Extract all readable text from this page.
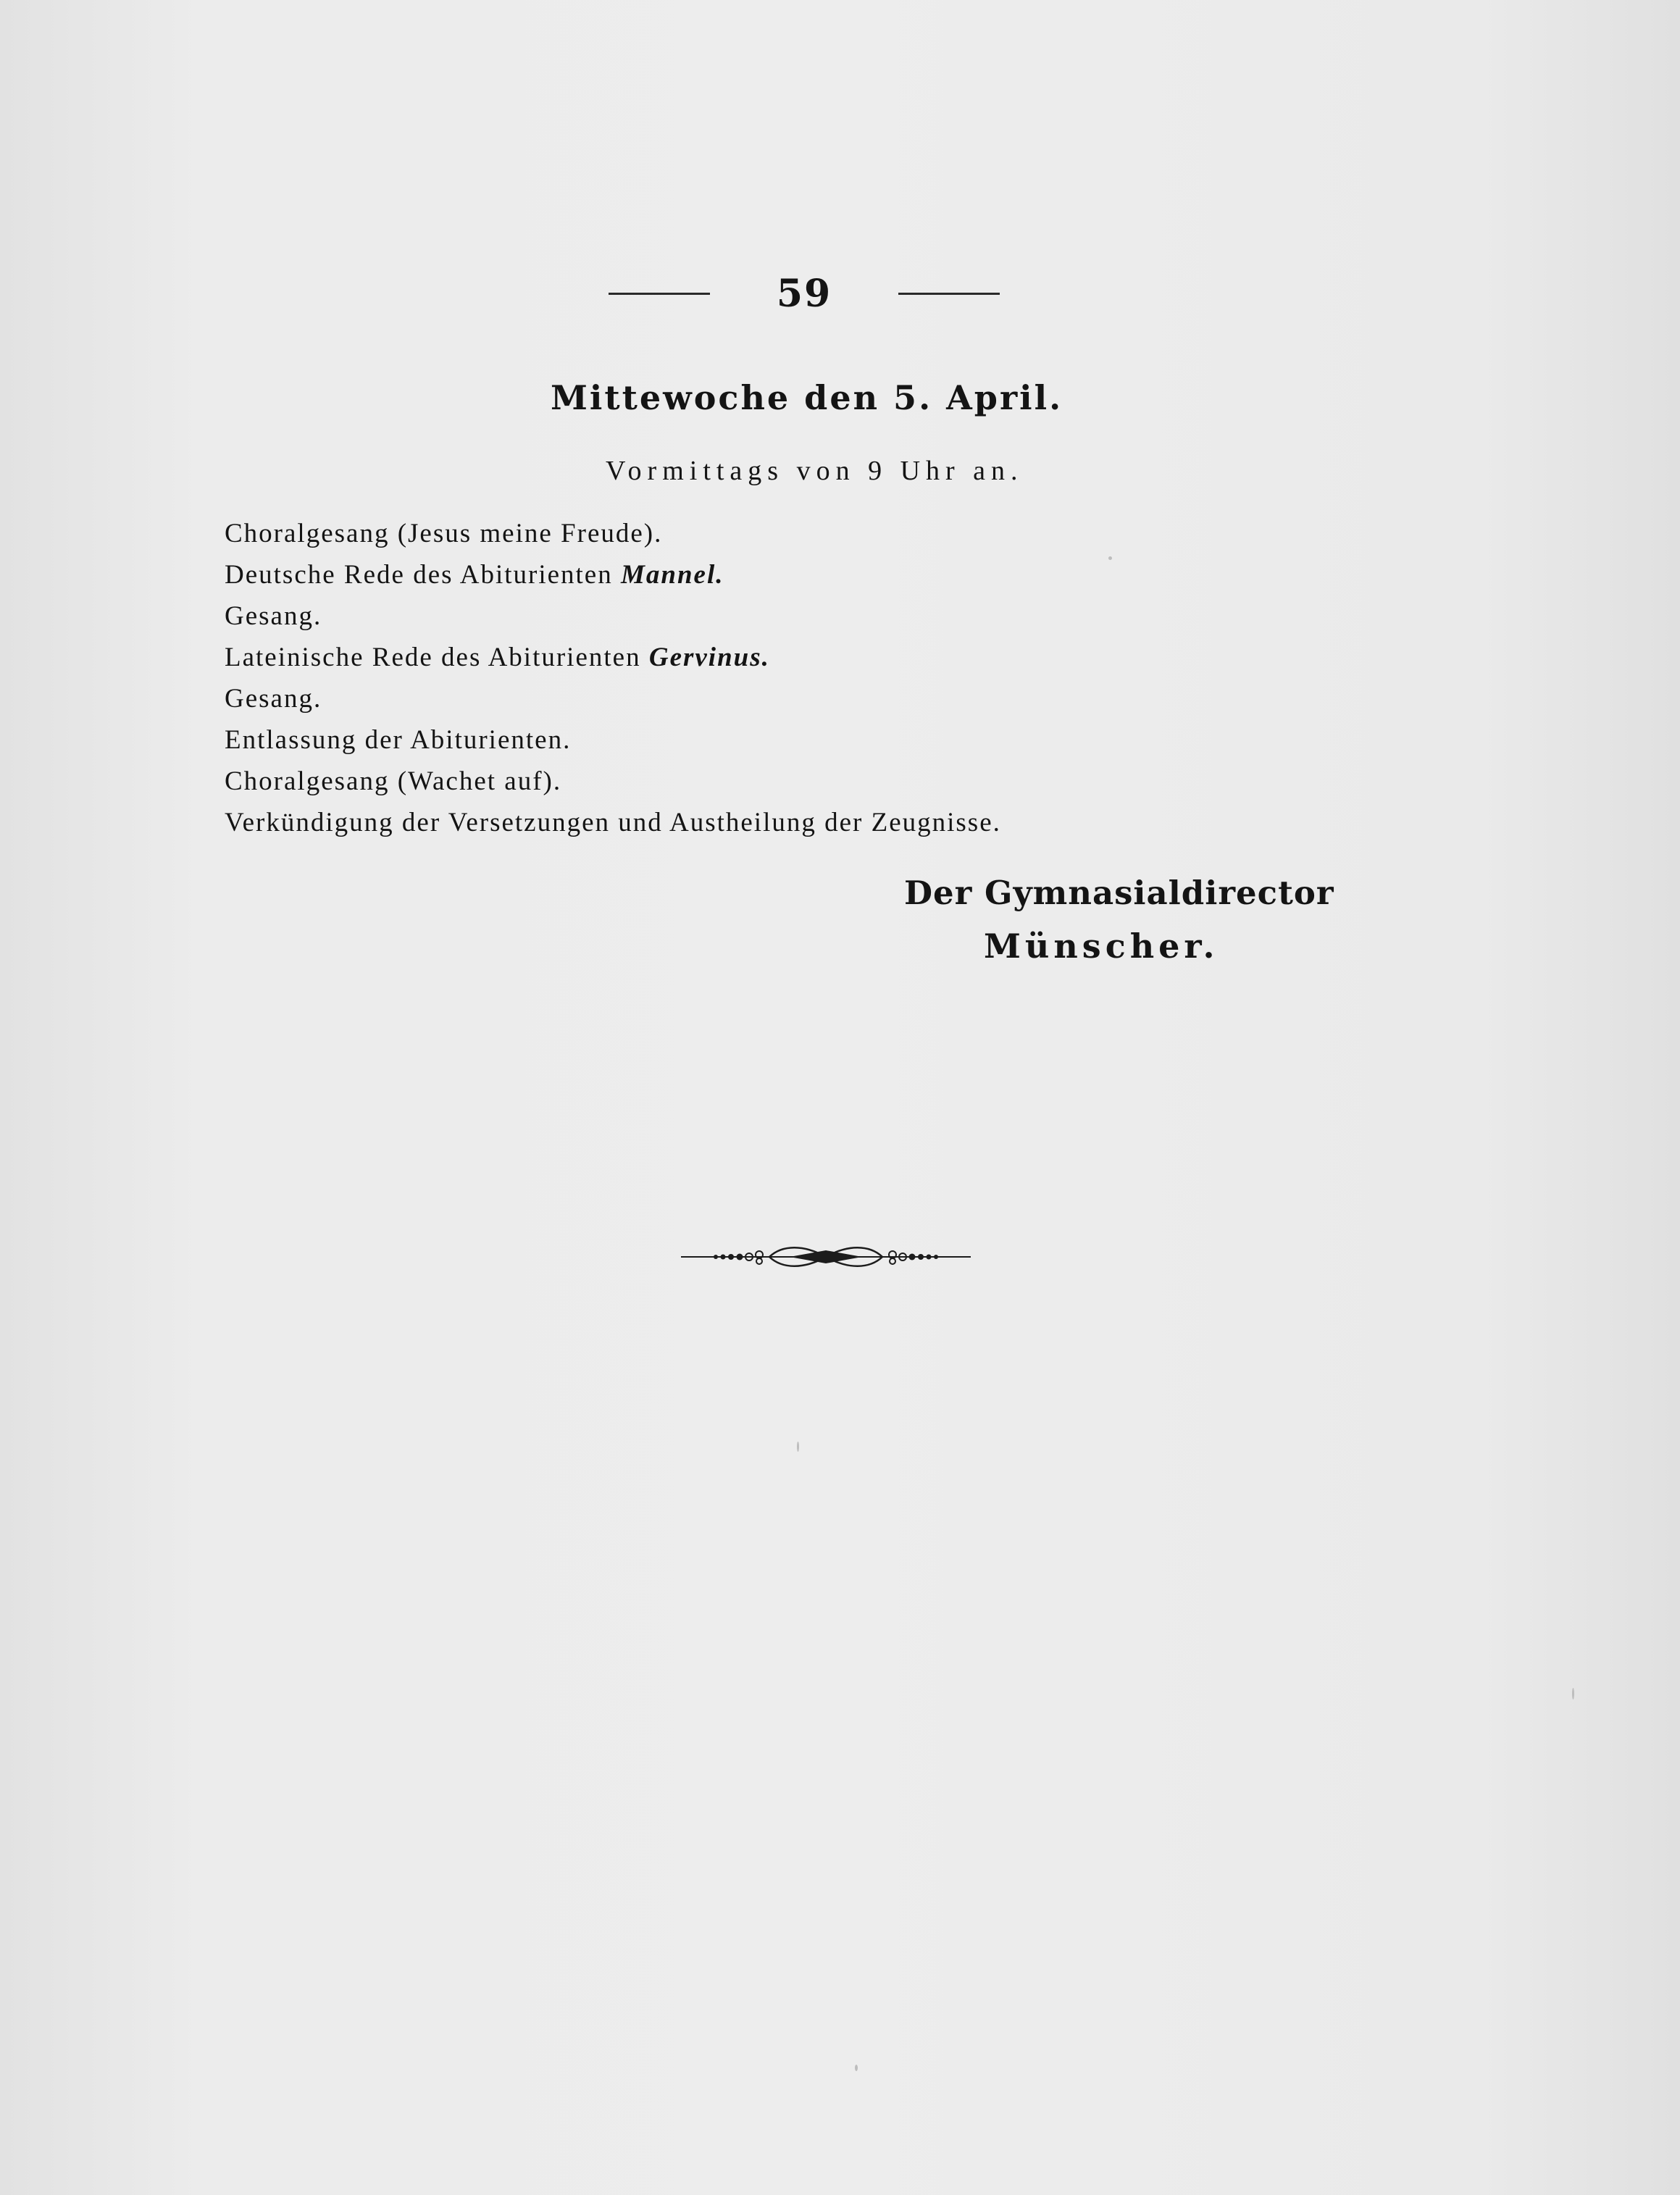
59
Mittewoche den 5. April.
Vormittags von 9 Uhr an.
Choralgesang (Jesus meine Freude).
Deutsche Rede des Abiturienten Mannel.
Gesang.
Lateinische Rede des Abiturienten Gervinus.
Gesang.
Entlassung der Abiturienten.
Choralgesang (Wachet auf).
Verkündigung der Versetzungen und Austheilung der Zeugnisse.
Der Gymnasialdirector
Münscher.
